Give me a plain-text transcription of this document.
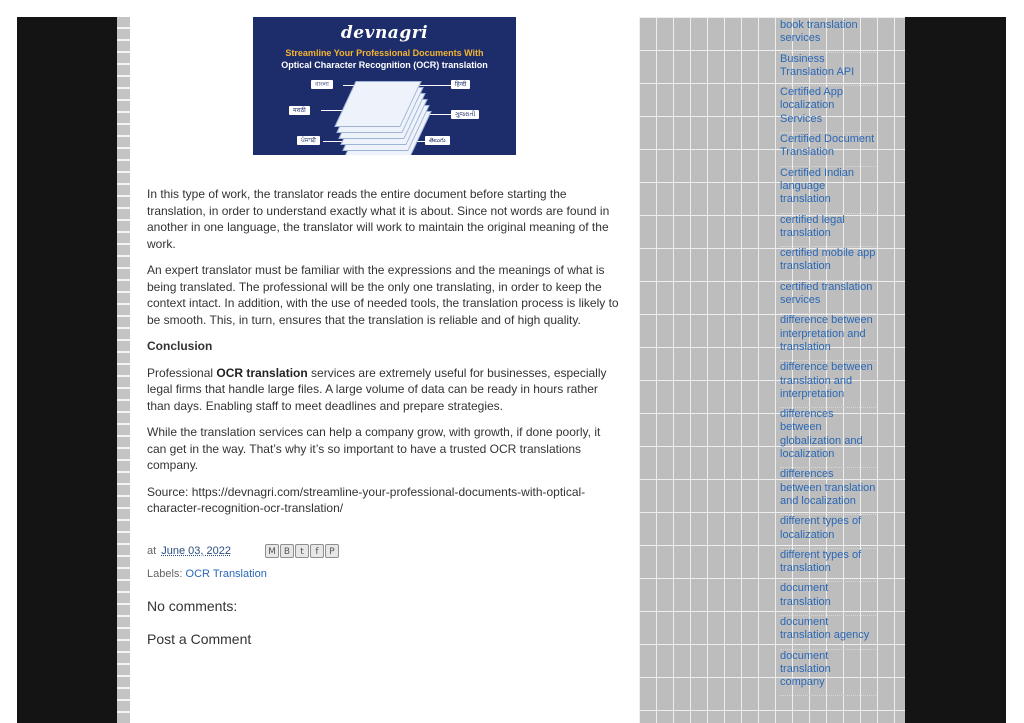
devnagri
Streamline Your Professional Documents With
Optical Character Recognition (OCR) translation
বাংলা	हिन्दी
मराठी
ગુજરાતી
ਪੰਜਾਬੀ	తెలుగు

In this type of work, the translator reads the entire document before starting the translation, in order to understand exactly what it is about. Since not words are found in another in one language, the translator will work to maintain the original meaning of the work.

An expert translator must be familiar with the expressions and the meanings of what is being translated. The professional will be the only one translating, in order to keep the context intact. In addition, with the use of needed tools, the translation process is likely to be smooth. This, in turn, ensures that the translation is reliable and of high quality.

Conclusion

Professional OCR translation services are extremely useful for businesses, especially legal firms that handle large files. A large volume of data can be ready in hours rather than days. Enabling staff to meet deadlines and prepare strategies.

While the translation services can help a company grow, with growth, if done poorly, it can get in the way. That’s why it’s so important to have a trusted OCR translations company.

Source: https://devnagri.com/streamline-your-professional-documents-with-optical-character-recognition-ocr-translation/

at June 03, 2022	M B	t	f	P
Labels: OCR Translation
No comments:
Post a Comment
book translation services
Business Translation API
Certified App localization Services
Certified Document Translation
Certified Indian language translation
certified legal translation
certified mobile app translation
certified translation services
difference between interpretation and translation
difference between translation and interpretation
differences between globalization and localization
differences between translation and localization
different types of localization
different types of translation
document translation
document translation agency
document translation company
